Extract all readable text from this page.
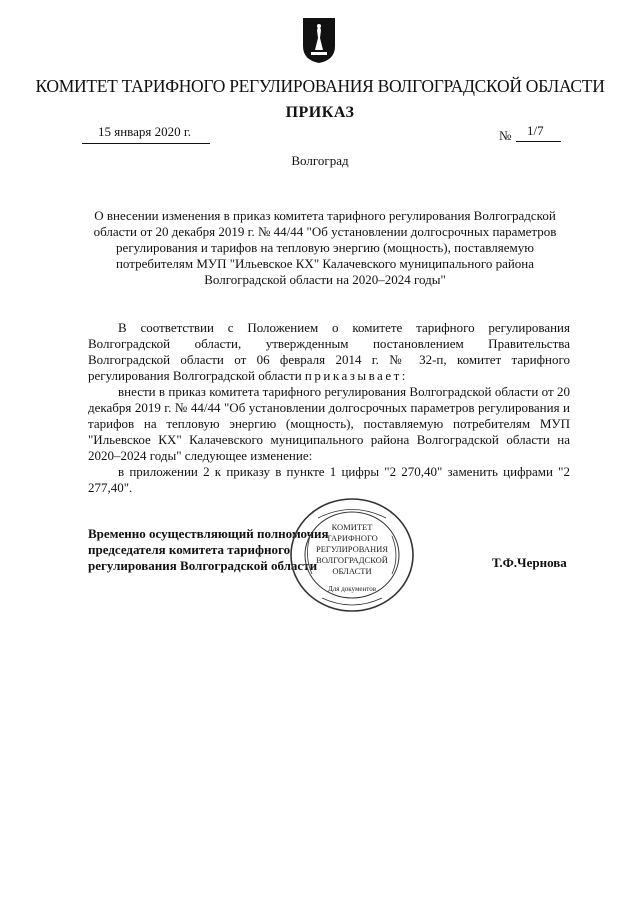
КОМИТЕТ ТАРИФНОГО РЕГУЛИРОВАНИЯ ВОЛГОГРАДСКОЙ ОБЛАСТИ
ПРИКАЗ
15 января 2020 г.	№ 1/7
Волгоград
О внесении изменения в приказ комитета тарифного регулирования Волгоградской области от 20 декабря 2019 г. № 44/44 "Об установлении долгосрочных параметров регулирования и тарифов на тепловую энергию (мощность), поставляемую потребителям МУП "Ильевское КХ" Калачевского муниципального района Волгоградской области на 2020–2024 годы"

В соответствии с Положением о комитете тарифного регулирования Волгоградской области, утвержденным постановлением Правительства Волгоградской области от 06 февраля 2014 г. № 32-п, комитет тарифного регулирования Волгоградской области приказывает:

внести в приказ комитета тарифного регулирования Волгоградской области от 20 декабря 2019 г. № 44/44 "Об установлении долгосрочных параметров регулирования и тарифов на тепловую энергию (мощность), поставляемую потребителям МУП "Ильевское КХ" Калачевского муниципального района Волгоградской области на 2020–2024 годы" следующее изменение:

в приложении 2 к приказу в пункте 1 цифры "2 270,40" заменить цифрами "2 277,40".

Временно осуществляющий полномочия
председателя комитета тарифного
регулирования Волгоградской области	Т.Ф.Чернова
КОМИТЕТ
ТАРИФНОГО
РЕГУЛИРОВАНИЯ
ВОЛГОГРАДСКОЙ
ОБЛАСТИ
Для документов
